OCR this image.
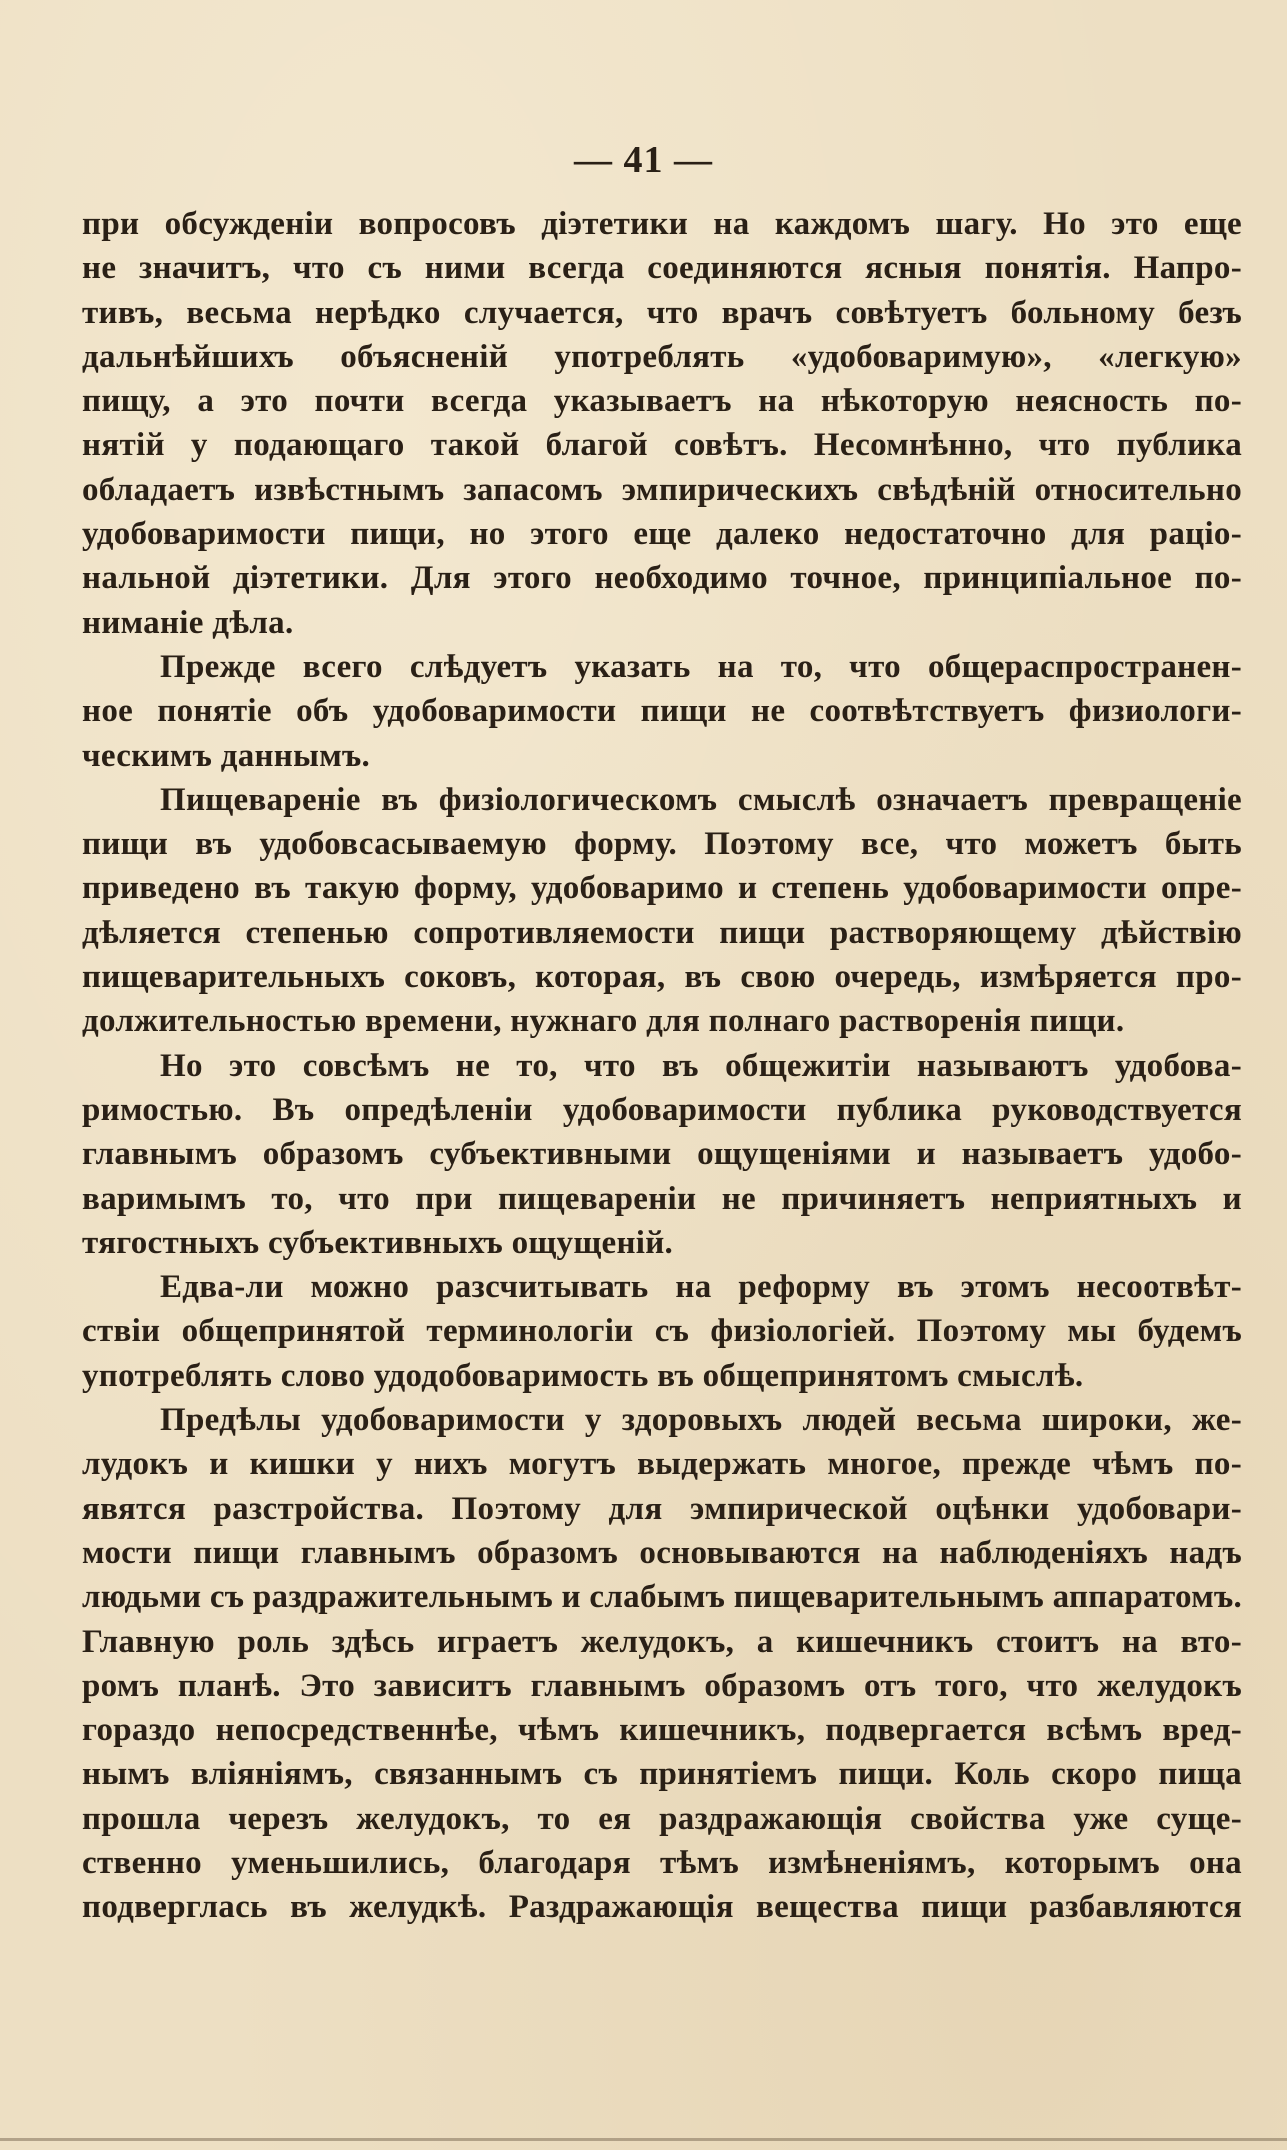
— 41 —
при обсужденіи вопросовъ діэтетики на каждомъ шагу. Но это еще
не значитъ, что съ ними всегда соединяются ясныя понятія. Напро-
тивъ, весьма нерѣдко случается, что врачъ совѣтуетъ больному безъ
дальнѣйшихъ объясненій употреблять «удобоваримую», «легкую»
пищу, а это почти всегда указываетъ на нѣкоторую неясность по-
нятій у подающаго такой благой совѣтъ. Несомнѣнно, что публика
обладаетъ извѣстнымъ запасомъ эмпирическихъ свѣдѣній относительно
удобоваримости пищи, но этого еще далеко недостаточно для раціо-
нальной діэтетики. Для этого необходимо точное, принципіальное по-
ниманіе дѣла.
Прежде всего слѣдуетъ указать на то, что общераспространен-
ное понятіе объ удобоваримости пищи не соотвѣтствуетъ физиологи-
ческимъ даннымъ.
Пищевареніе въ физіологическомъ смыслѣ означаетъ превращеніе
пищи въ удобовсасываемую форму. Поэтому все, что можетъ быть
приведено въ такую форму, удобоваримо и степень удобоваримости опре-
дѣляется степенью сопротивляемости пищи растворяющему дѣйствію
пищеварительныхъ соковъ, которая, въ свою очередь, измѣряется про-
должительностью времени, нужнаго для полнаго растворенія пищи.
Но это совсѣмъ не то, что въ общежитіи называютъ удобова-
римостью. Въ опредѣленіи удобоваримости публика руководствуется
главнымъ образомъ субъективными ощущеніями и называетъ удобо-
варимымъ то, что при пищевареніи не причиняетъ неприятныхъ и
тягостныхъ субъективныхъ ощущеній.
Едва-ли можно разсчитывать на реформу въ этомъ несоотвѣт-
ствіи общепринятой терминологіи съ физіологіей. Поэтому мы будемъ
употреблять слово удодобоваримость въ общепринятомъ смыслѣ.
Предѣлы удобоваримости у здоровыхъ людей весьма широки, же-
лудокъ и кишки у нихъ могутъ выдержать многое, прежде чѣмъ по-
явятся разстройства. Поэтому для эмпирической оцѣнки удобовари-
мости пищи главнымъ образомъ основываются на наблюденіяхъ надъ
людьми съ раздражительнымъ и слабымъ пищеварительнымъ аппаратомъ.
Главную роль здѣсь играетъ желудокъ, а кишечникъ стоитъ на вто-
ромъ планѣ. Это зависитъ главнымъ образомъ отъ того, что желудокъ
гораздо непосредственнѣе, чѣмъ кишечникъ, подвергается всѣмъ вред-
нымъ вліяніямъ, связаннымъ съ принятіемъ пищи. Коль скоро пища
прошла черезъ желудокъ, то ея раздражающія свойства уже суще-
ственно уменьшились, благодаря тѣмъ измѣненіямъ, которымъ она
подверглась въ желудкѣ. Раздражающія вещества пищи разбавляются
